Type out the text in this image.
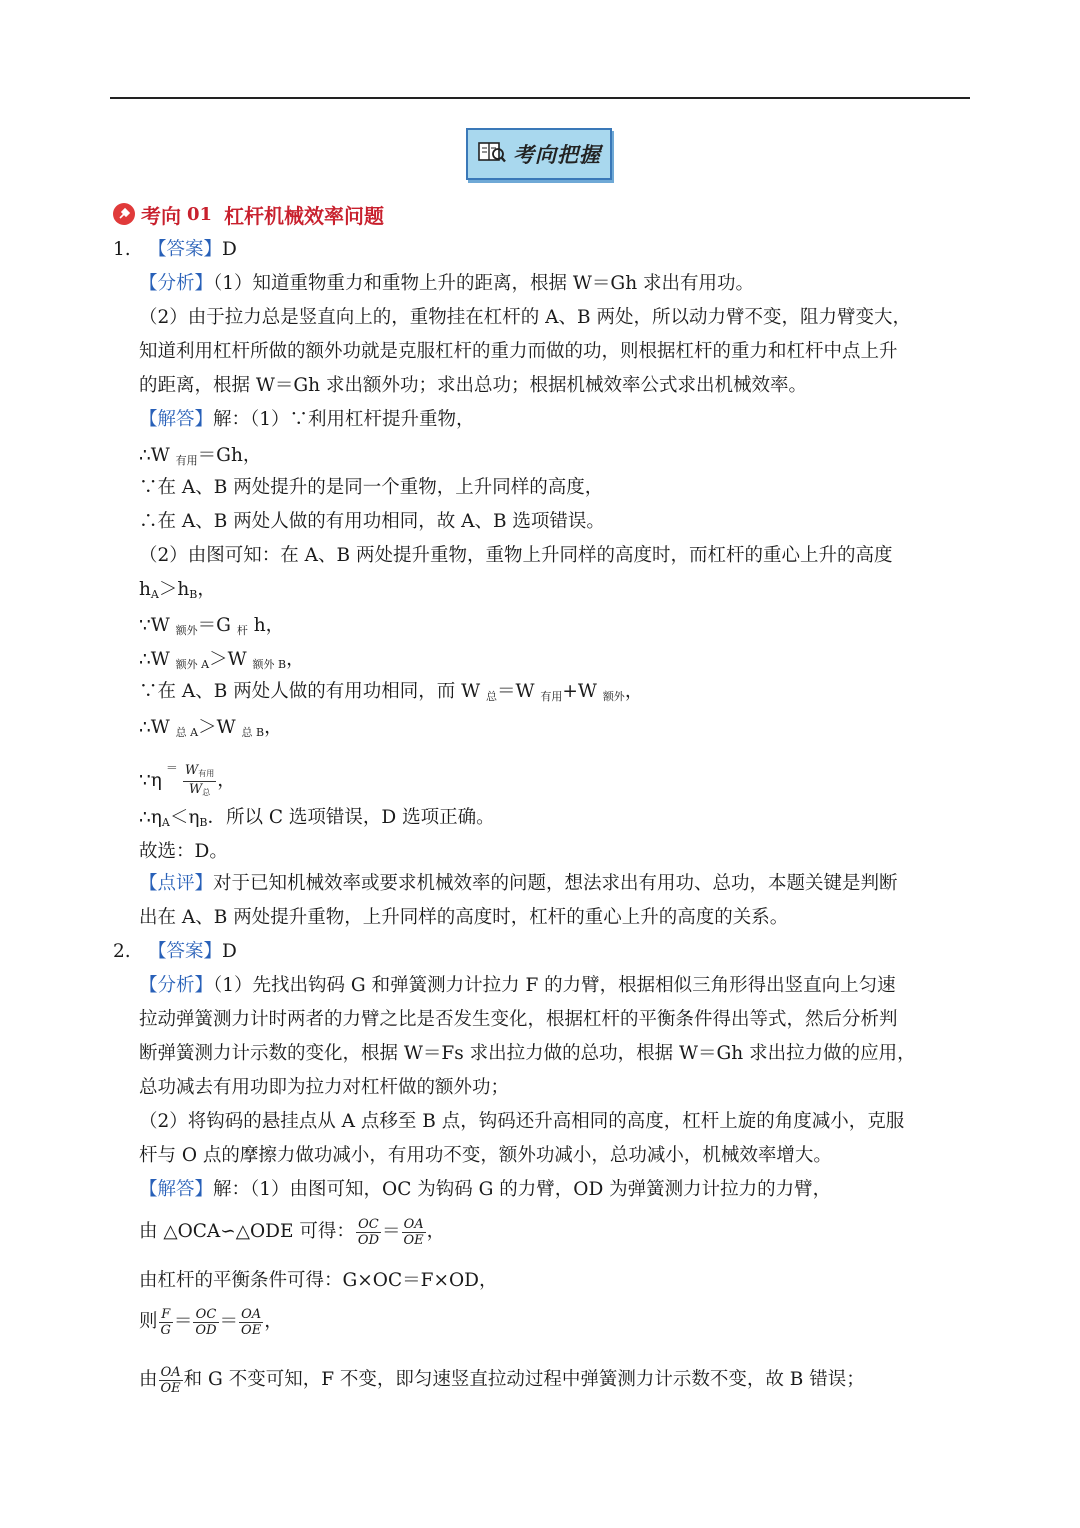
考向把握
考向 01 杠杆机械效率问题
1. 【答案】D
【分析】（1）知道重物重力和重物上升的距离，根据 W＝Gh 求出有用功。
（2）由于拉力总是竖直向上的，重物挂在杠杆的 A、B 两处，所以动力臂不变，阻力臂变大，
知道利用杠杆所做的额外功就是克服杠杆的重力而做的功，则根据杠杆的重力和杠杆中点上升
的距离，根据 W＝Gh 求出额外功；求出总功；根据机械效率公式求出机械效率。
【解答】解：（1）∵利用杠杆提升重物，
∴W $_{有用}$＝Gh，
∵在 A、B 两处提升的是同一个重物，上升同样的高度，
∴在 A、B 两处人做的有用功相同，故 A、B 选项错误。
（2）由图可知：在 A、B 两处提升重物，重物上升同样的高度时，而杠杆的重心上升的高度
$h_A>h_B$，
∵W $_{额外}$＝G $_杆$ h，
∴W $_{额外 A}$＞W $_{额外 B}$，
∵在 A、B 两处人做的有用功相同，而 W $_总$＝W $_{有用}$+W $_{额外}$，
∴W $_{总 A}$＞W $_{总 B}$，
∵η＝ $\frac{W_{有用}}{W_总}$ ，
$\therefore\eta_A<\eta_B$．所以 C 选项错误，D 选项正确。
故选：D。
【点评】对于已知机械效率或要求机械效率的问题，想法求出有用功、总功，本题关键是判断
出在 A、B 两处提升重物，上升同样的高度时，杠杆的重心上升的高度的关系。
2. 【答案】D
【分析】（1）先找出钩码 G 和弹簧测力计拉力 F 的力臂，根据相似三角形得出竖直向上匀速
拉动弹簧测力计时两者的力臂之比是否发生变化，根据杠杆的平衡条件得出等式，然后分析判
断弹簧测力计示数的变化，根据 W＝Fs 求出拉力做的总功，根据 W＝Gh 求出拉力做的应用，
总功减去有用功即为拉力对杠杆做的额外功；
（2）将钩码的悬挂点从 A 点移至 B 点，钩码还升高相同的高度，杠杆上旋的角度减小，克服
杆与 O 点的摩擦力做功减小，有用功不变，额外功减小，总功减小，机械效率增大。
【解答】解：（1）由图可知，OC 为钩码 G 的力臂，OD 为弹簧测力计拉力的力臂，
由 △OCA∽△ODE 可得： $\frac{OC}{OD} = \frac{OA}{OE}$ ，
由杠杆的平衡条件可得：G×OC＝F×OD，
则 $\frac{F}{G} = \frac{OC}{OD} = \frac{OA}{OE}$ ，
由 $\frac{OA}{OE}$ 和 G 不变可知，F 不变，即匀速竖直拉动过程中弹簧测力计示数不变，故 B 错误；
